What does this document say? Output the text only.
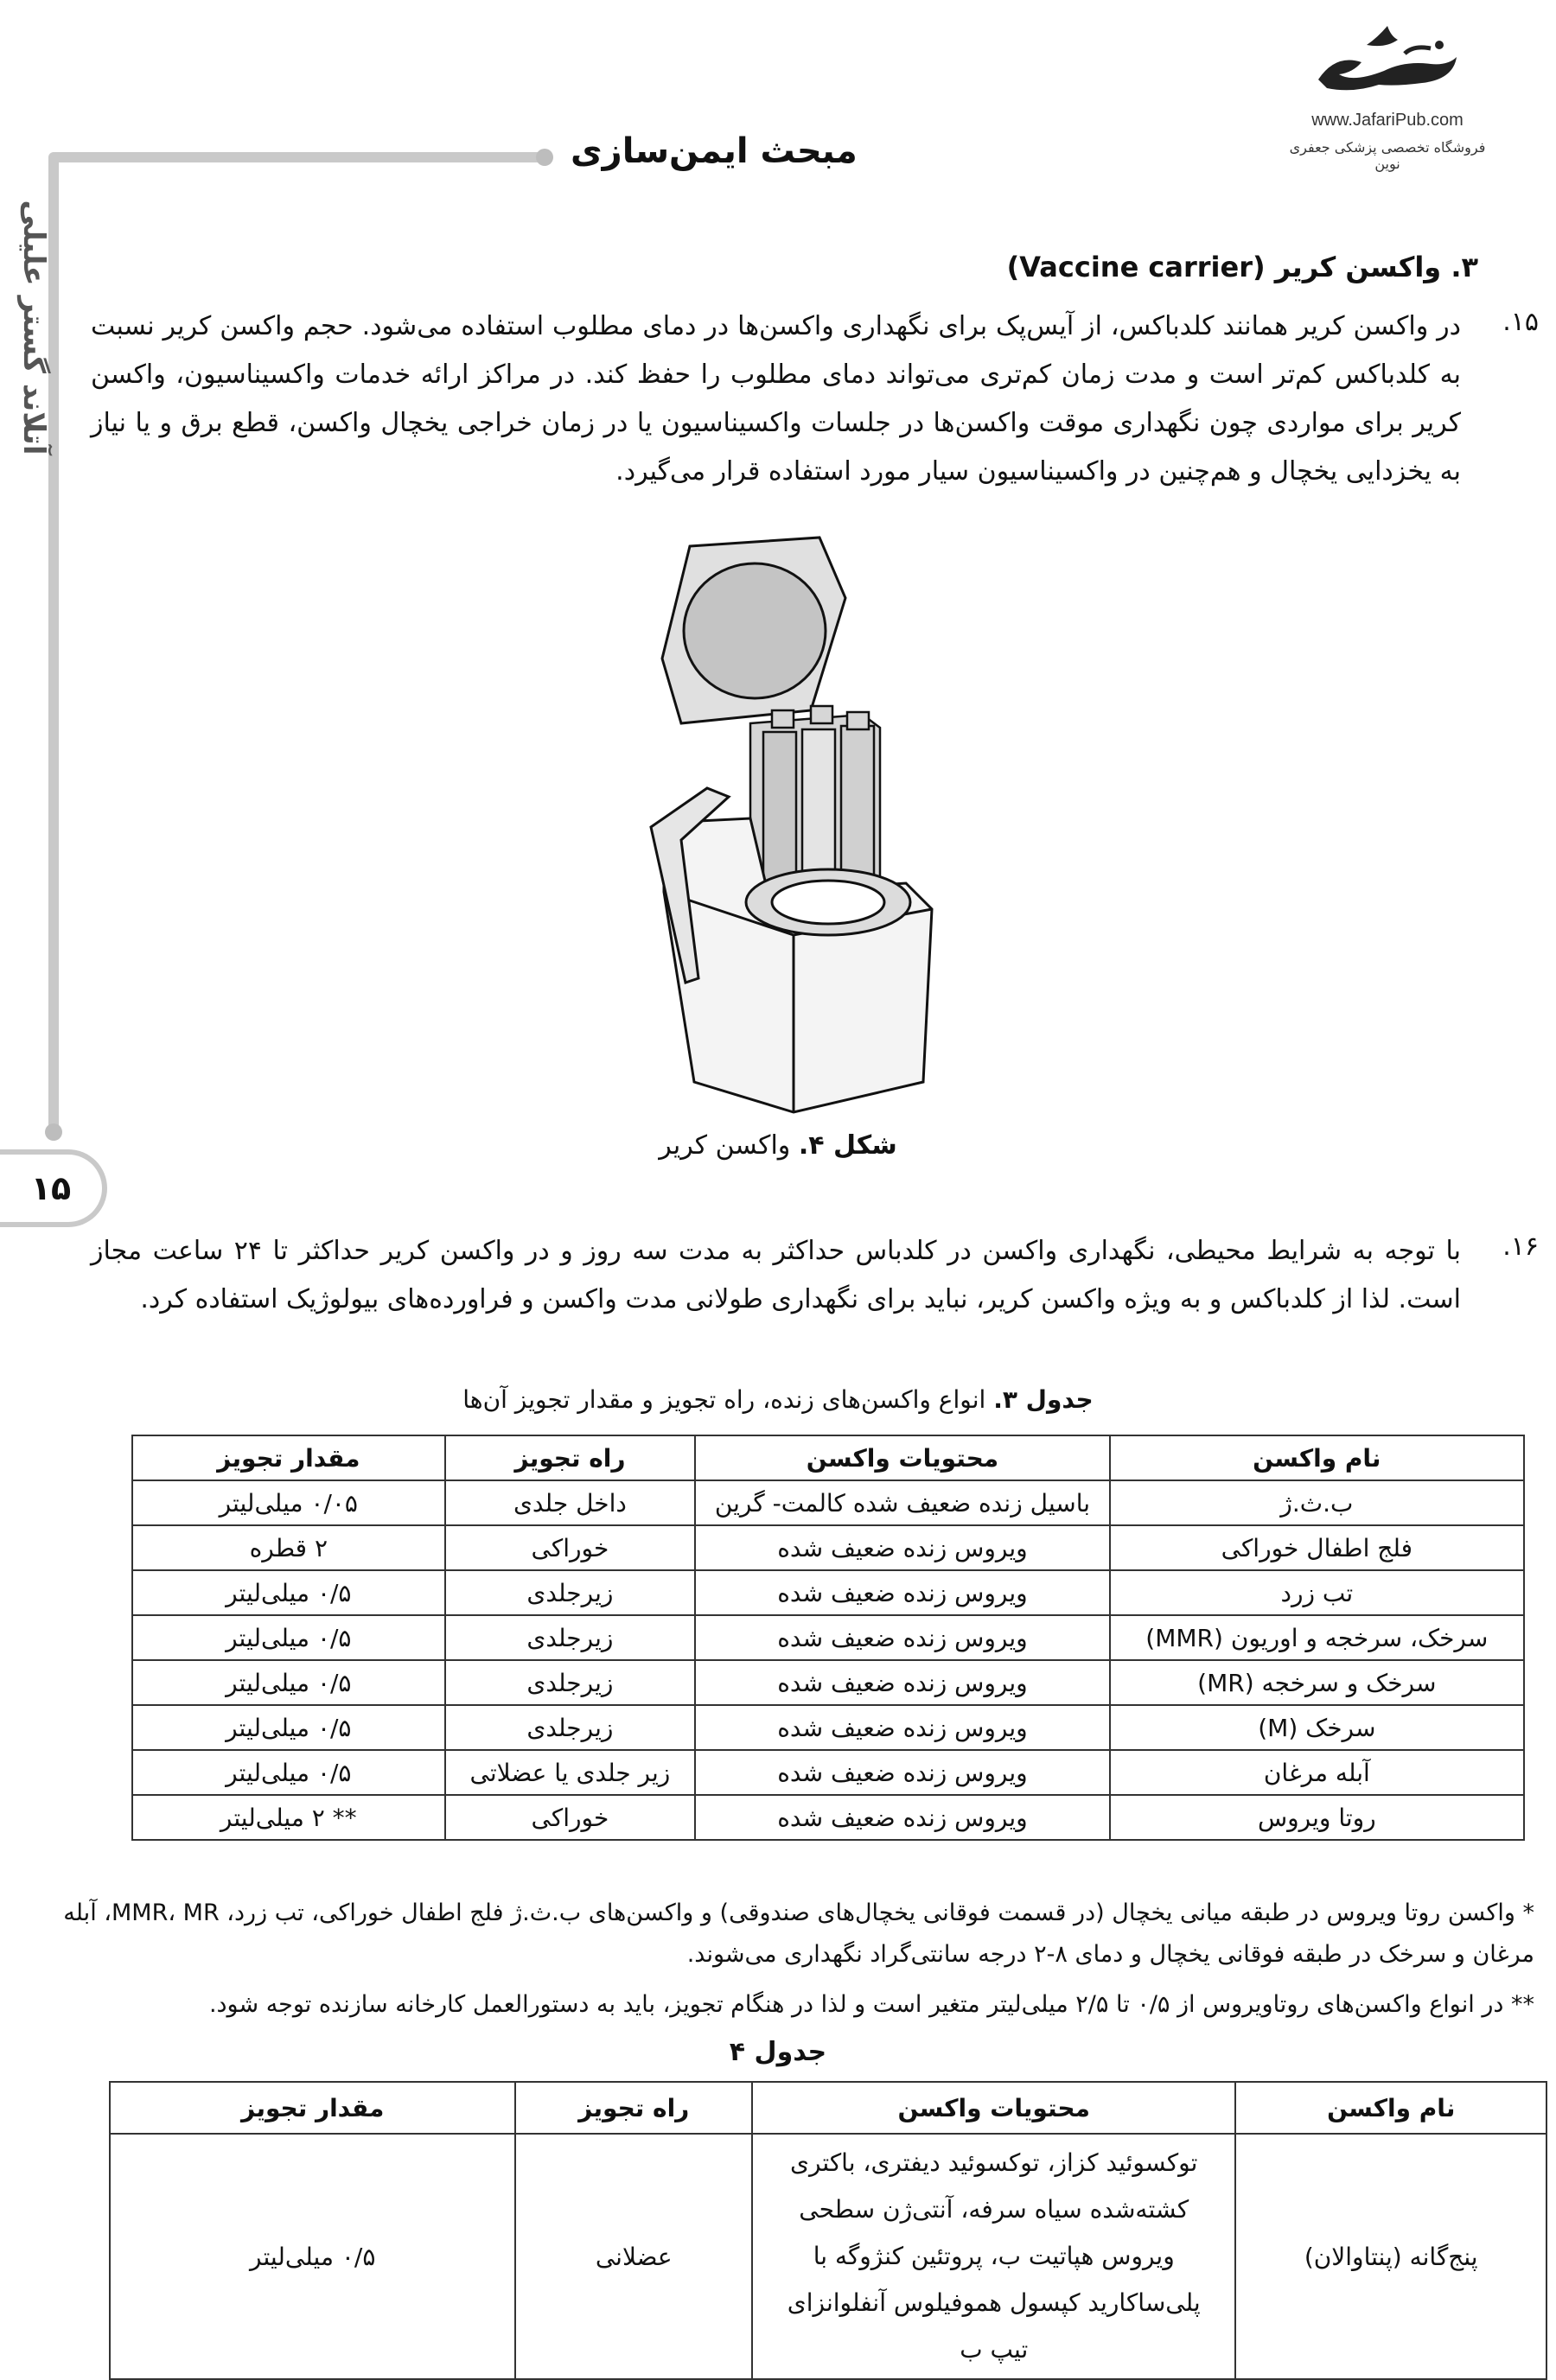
مبحث ایمن‌سازی
www.JafariPub.com
فروشگاه تخصصی پزشکی جعفری نوین
آتلاند گستر علیلی
۱۵
۳. واکسن کریر (Vaccine carrier)
۱۵.
در واکسن کریر همانند کلدباکس، از آیس‌پک برای نگهداری واکسن‌ها در دمای مطلوب استفاده می‌شود. حجم واکسن کریر نسبت به کلدباکس کم‌تر است و مدت زمان کم‌تری می‌تواند دمای مطلوب را حفظ کند. در مراکز ارائه خدمات واکسیناسیون، واکسن کریر برای مواردی چون نگهداری موقت واکسن‌ها در جلسات واکسیناسیون یا در زمان خراجی یخچال واکسن، قطع برق و یا نیاز به یخزدایی یخچال و هم‌چنین در واکسیناسیون سیار مورد استفاده قرار می‌گیرد.
شکل ۴. واکسن کریر
۱۶.
با توجه به شرایط محیطی، نگهداری واکسن در کلدباس حداکثر به مدت سه روز و در واکسن کریر حداکثر تا ۲۴ ساعت مجاز است. لذا از کلدباکس و به ویژه واکسن کریر، نباید برای نگهداری طولانی مدت واکسن و فراورده‌های بیولوژیک استفاده کرد.
جدول ۳. انواع واکسن‌های زنده، راه تجویز و مقدار تجویز آن‌ها
نام واکسن	محتویات واکسن	راه تجویز	مقدار تجویز
ب.ث.ژ	باسیل زنده ضعیف شده کالمت- گرین	داخل جلدی	۰/۰۵ میلی‌لیتر
فلج اطفال خوراکی	ویروس زنده ضعیف شده	خوراکی	۲ قطره
تب زرد	ویروس زنده ضعیف شده	زیرجلدی	۰/۵ میلی‌لیتر
سرخک، سرخجه و اوریون (MMR)	ویروس زنده ضعیف شده	زیرجلدی	۰/۵ میلی‌لیتر
سرخک و سرخجه (MR)	ویروس زنده ضعیف شده	زیرجلدی	۰/۵ میلی‌لیتر
سرخک (M)	ویروس زنده ضعیف شده	زیرجلدی	۰/۵ میلی‌لیتر
آبله مرغان	ویروس زنده ضعیف شده	زیر جلدی یا عضلاتی	۰/۵ میلی‌لیتر
روتا ویروس	ویروس زنده ضعیف شده	خوراکی	** ۲ میلی‌لیتر
* واکسن روتا ویروس در طبقه میانی یخچال (در قسمت فوقانی یخچال‌های صندوقی) و واکسن‌های ب.ث.ژ فلج اطفال خوراکی، تب زرد، MMR، MR، آبله مرغان و سرخک در طبقه فوقانی یخچال و دمای ۸-۲ درجه سانتی‌گراد نگهداری می‌شوند.
** در انواع واکسن‌های روتاویروس از ۰/۵ تا ۲/۵ میلی‌لیتر متغیر است و لذا در هنگام تجویز، باید به دستورالعمل کارخانه سازنده توجه شود.
جدول ۴
نام واکسن	محتویات واکسن	راه تجویز	مقدار تجویز
پنج‌گانه (پنتاوالان)	توکسوئید کزاز، توکسوئید دیفتری، باکتری کشته‌شده سیاه سرفه، آنتی‌ژن سطحی ویروس هپاتیت ب، پروتئین کنژوگه با پلی‌ساکارید کپسول هموفیلوس آنفلوانزای تیپ ب	عضلانی	۰/۵ میلی‌لیتر
